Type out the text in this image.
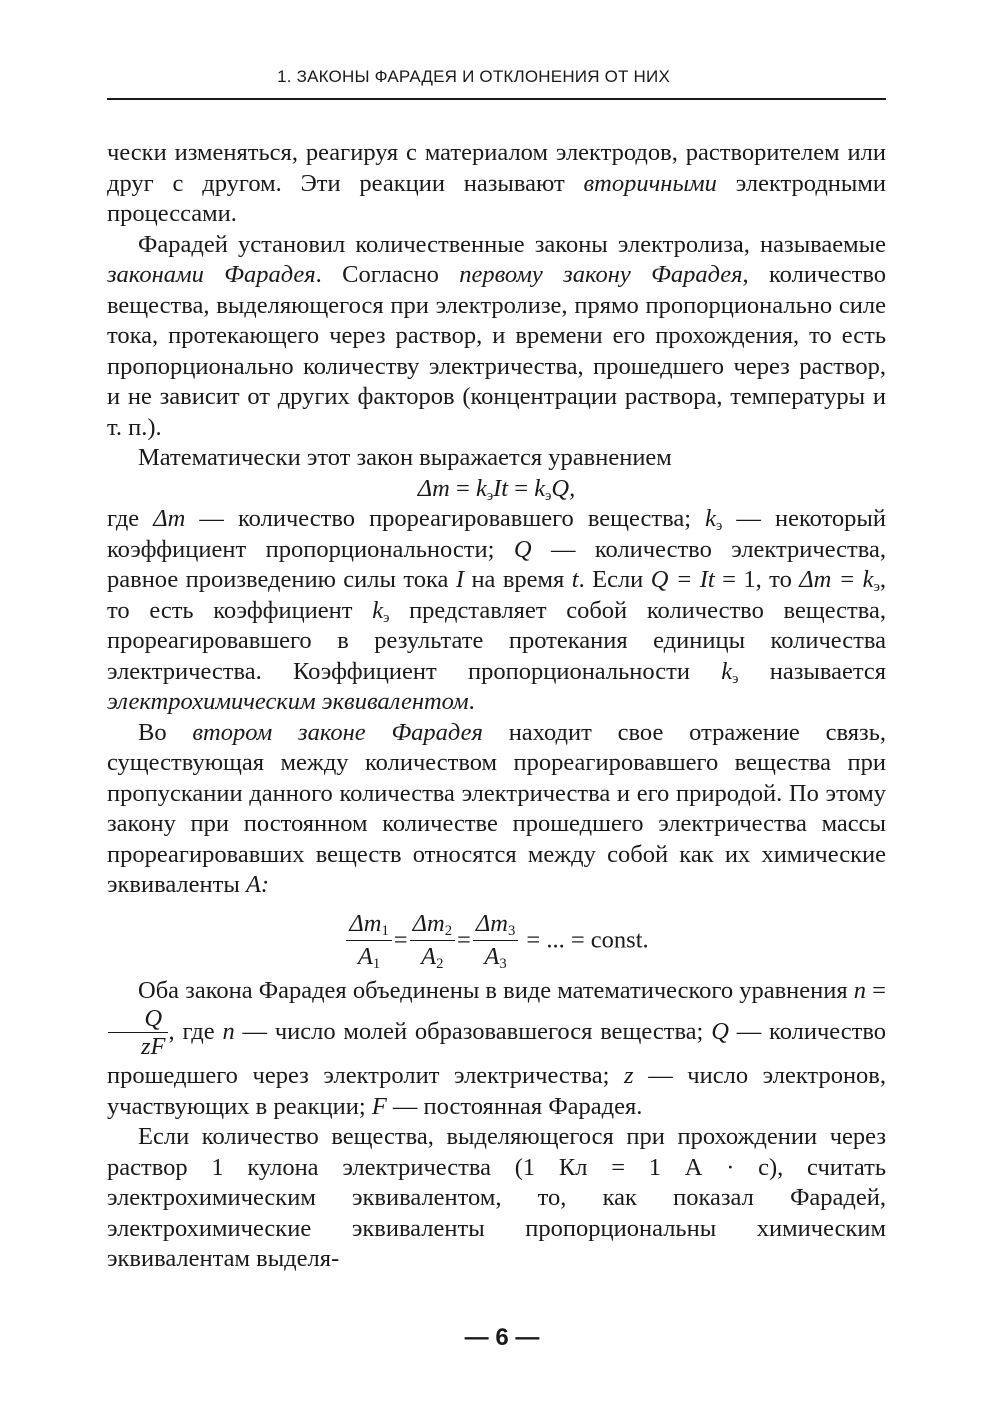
1. ЗАКОНЫ ФАРАДЕЯ И ОТКЛОНЕНИЯ ОТ НИХ

чески изменяться, реагируя с материалом электродов, растворителем или друг с другом. Эти реакции называют вторичными электродными процессами.

Фарадей установил количественные законы электролиза, называемые законами Фарадея. Согласно первому закону Фарадея, количество вещества, выделяющегося при электролизе, прямо пропорционально силе тока, протекающего через раствор, и времени его прохождения, то есть пропорционально количеству электричества, прошедшего через раствор, и не зависит от других факторов (концентрации раствора, температуры и т. п.).

Математически этот закон выражается уравнением

$\Delta m = k_эIt = k_эQ$,

где Δm — количество прореагировавшего вещества; $k_э$ — некоторый коэффициент пропорциональности; Q — количество электричества, равное произведению силы тока I на время t. Если Q = It = 1, то $\Delta m = k_э$, то есть коэффициент $k_э$ представляет собой количество вещества, прореагировавшего в результате протекания единицы количества электричества. Коэффициент пропорциональности $k_э$ называется электрохимическим эквивалентом.

Во втором законе Фарадея находит свое отражение связь, существующая между количеством прореагировавшего вещества при пропускании данного количества электричества и его природой. По этому закону при постоянном количестве прошедшего электричества массы прореагировавших веществ относятся между собой как их химические эквиваленты A:

$\frac{\Delta m_1}{A_1} = \frac{\Delta m_2}{A_2} = \frac{\Delta m_3}{A_3}$ = ... = const.

Оба закона Фарадея объединены в виде математического уравнения n =
$\frac{Q}{zF}$ , где n — число молей образовавшегося вещества; Q — количество прошедшего через электролит электричества; z — число электронов, участвующих в реакции; F — постоянная Фарадея.

Если количество вещества, выделяющегося при прохождении через раствор 1 кулона электричества (1 Кл = 1 А · с), считать электрохимическим эквивалентом, то, как показал Фарадей, электрохимические эквиваленты пропорциональны химическим эквивалентам выделя-

— 6 —
